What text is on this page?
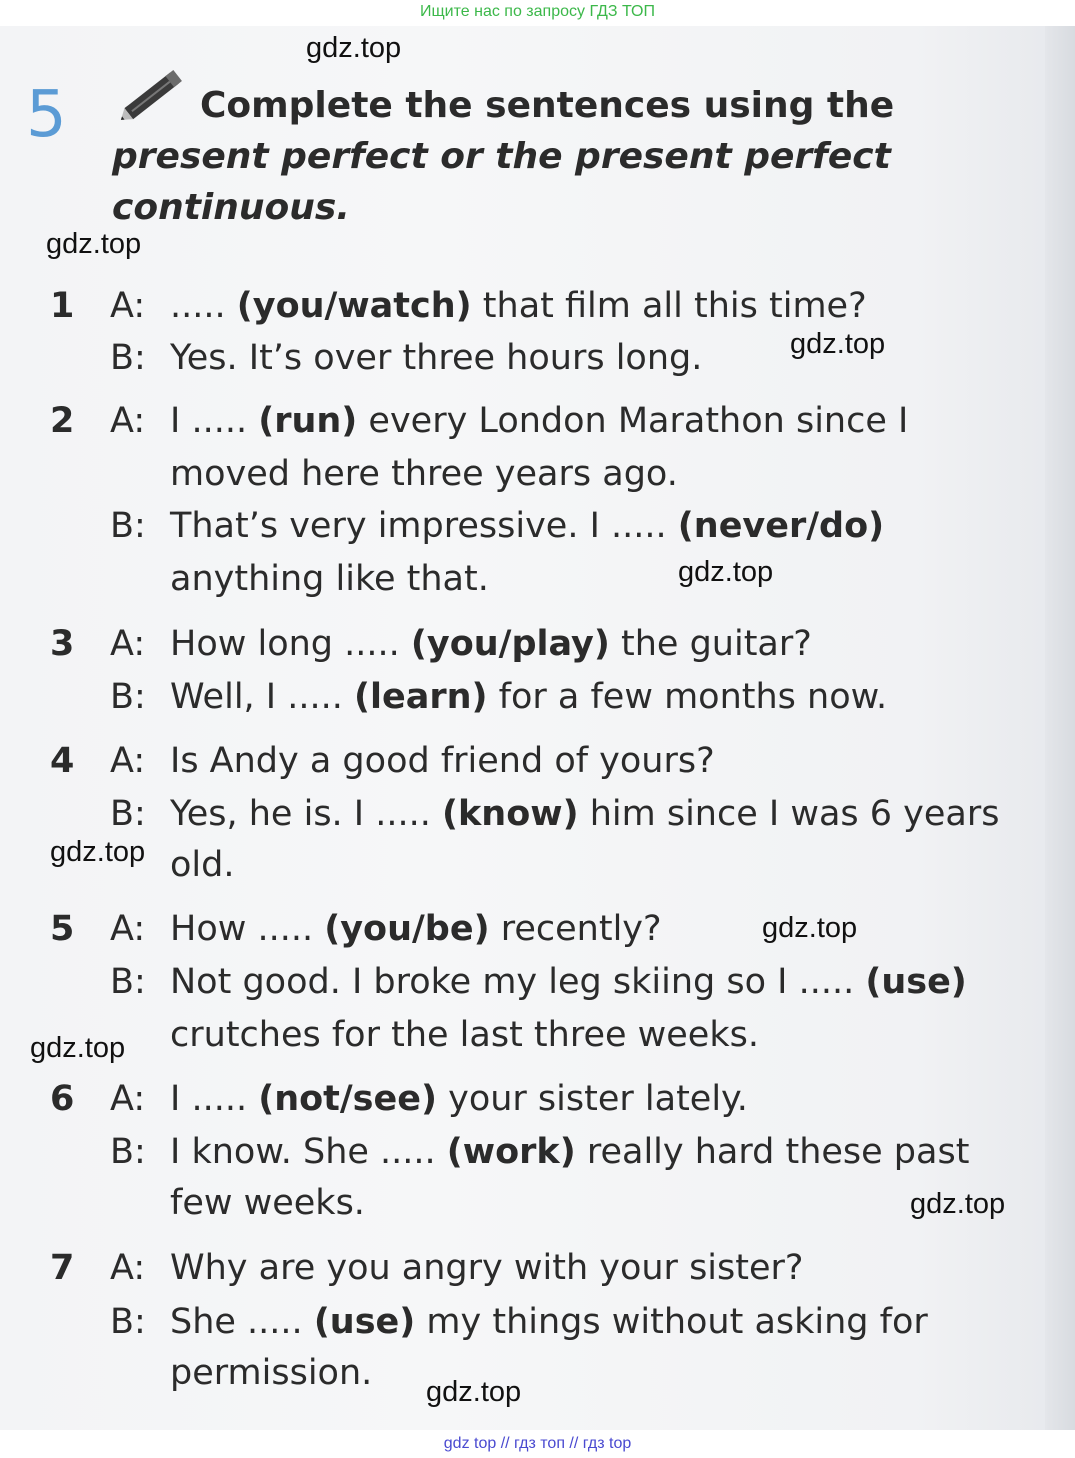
Ищите нас по запросу ГДЗ ТОП
5	Complete the sentences using the
present perfect or the present perfect
continuous.
1 A: ..... (you/watch) that film all this time?
B: Yes. It’s over three hours long.
2 A: I ..... (run) every London Marathon since I
moved here three years ago.
B: That’s very impressive. I ..... (never/do)
anything like that.
3 A: How long ..... (you/play) the guitar?
B: Well, I ..... (learn) for a few months now.
4 A: Is Andy a good friend of yours?
B: Yes, he is. I ..... (know) him since I was 6 years
old.
5 A: How ..... (you/be) recently?
B: Not good. I broke my leg skiing so I ..... (use)
crutches for the last three weeks.
6 A: I ..... (not/see) your sister lately.
B: I know. She ..... (work) really hard these past
few weeks.
7 A: Why are you angry with your sister?
B: She ..... (use) my things without asking for
permission.
gdz.top
gdz.top
gdz.top
gdz.top
gdz.top
gdz.top
gdz.top
gdz.top
gdz.top
gdz top // гдз топ // гдз top
